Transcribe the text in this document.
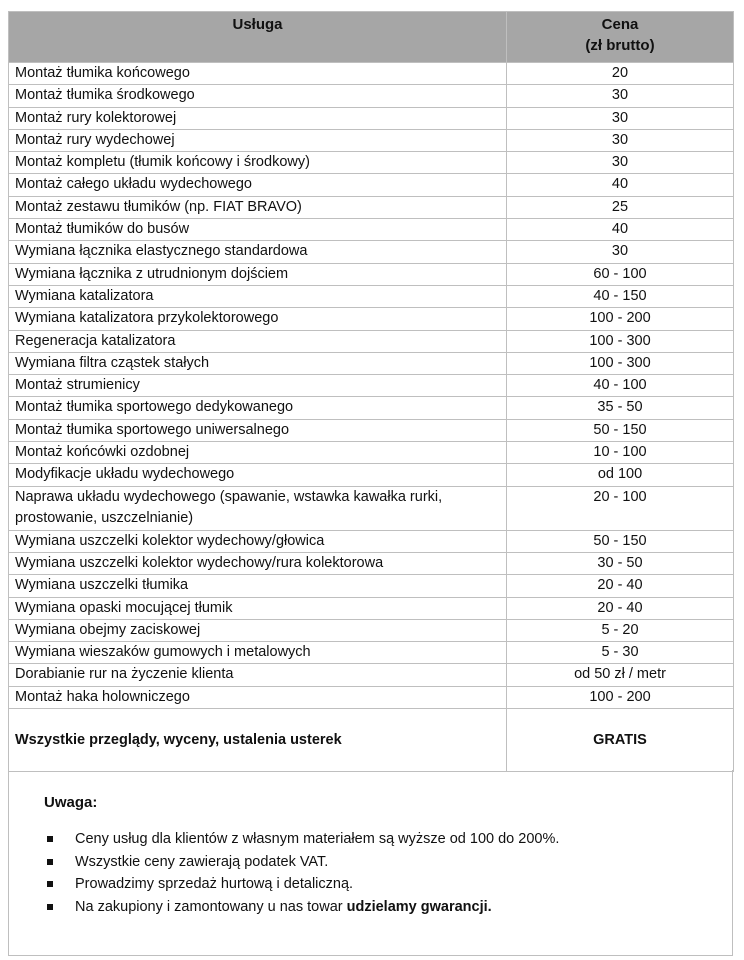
Usługa	Cena
(zł brutto)

Montaż tłumika końcowego	20
Montaż tłumika środkowego	30
Montaż rury kolektorowej	30
Montaż rury wydechowej	30
Montaż kompletu (tłumik końcowy i środkowy)	30
Montaż całego układu wydechowego	40
Montaż zestawu tłumików (np. FIAT BRAVO)	25
Montaż tłumików do busów	40
Wymiana łącznika elastycznego standardowa	30
Wymiana łącznika z utrudnionym dojściem	60 - 100
Wymiana katalizatora	40 - 150
Wymiana katalizatora przykolektorowego	100 - 200
Regeneracja katalizatora	100 - 300
Wymiana filtra cząstek stałych	100 - 300
Montaż strumienicy	40 - 100
Montaż tłumika sportowego dedykowanego	35 - 50
Montaż tłumika sportowego uniwersalnego	50 - 150
Montaż końcówki ozdobnej	10 - 100
Modyfikacje układu wydechowego	od 100
Naprawa układu wydechowego (spawanie, wstawka kawałka rurki, prostowanie, uszczelnianie)	20 - 100
Wymiana uszczelki kolektor wydechowy/głowica	50 - 150
Wymiana uszczelki kolektor wydechowy/rura kolektorowa	30 - 50
Wymiana uszczelki tłumika	20 - 40
Wymiana opaski mocującej tłumik	20 - 40
Wymiana obejmy zaciskowej	5 - 20
Wymiana wieszaków gumowych i metalowych	5 - 30
Dorabianie rur na życzenie klienta	od 50 zł / metr
Montaż haka holowniczego	100 - 200
Wszystkie przeglądy, wyceny, ustalenia usterek	GRATIS
Uwaga:
Ceny usług dla klientów z własnym materiałem są wyższe od 100 do 200%.
Wszystkie ceny zawierają podatek VAT.
Prowadzimy sprzedaż hurtową i detaliczną.
Na zakupiony i zamontowany u nas towar udzielamy gwarancji.
